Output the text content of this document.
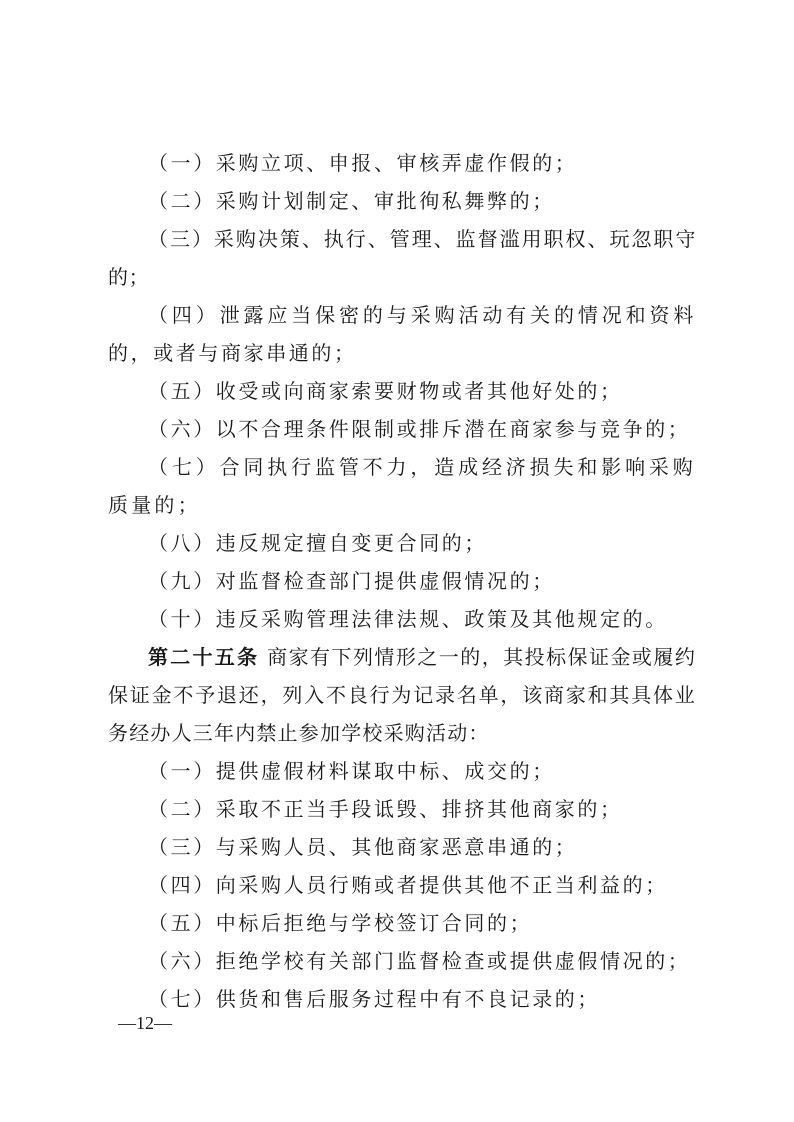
（一）采购立项、申报、审核弄虚作假的；

（二）采购计划制定、审批徇私舞弊的；

（三）采购决策、执行、管理、监督滥用职权、玩忽职守的；

（四）泄露应当保密的与采购活动有关的情况和资料的，或者与商家串通的；

（五）收受或向商家索要财物或者其他好处的；

（六）以不合理条件限制或排斥潜在商家参与竞争的；

（七）合同执行监管不力，造成经济损失和影响采购质量的；

（八）违反规定擅自变更合同的；

（九）对监督检查部门提供虚假情况的；

（十）违反采购管理法律法规、政策及其他规定的。

第二十五条 商家有下列情形之一的，其投标保证金或履约保证金不予退还，列入不良行为记录名单，该商家和其具体业务经办人三年内禁止参加学校采购活动：

（一）提供虚假材料谋取中标、成交的；

（二）采取不正当手段诋毁、排挤其他商家的；

（三）与采购人员、其他商家恶意串通的；

（四）向采购人员行贿或者提供其他不正当利益的；

（五）中标后拒绝与学校签订合同的；

（六）拒绝学校有关部门监督检查或提供虚假情况的；

（七）供货和售后服务过程中有不良记录的；

—12—
